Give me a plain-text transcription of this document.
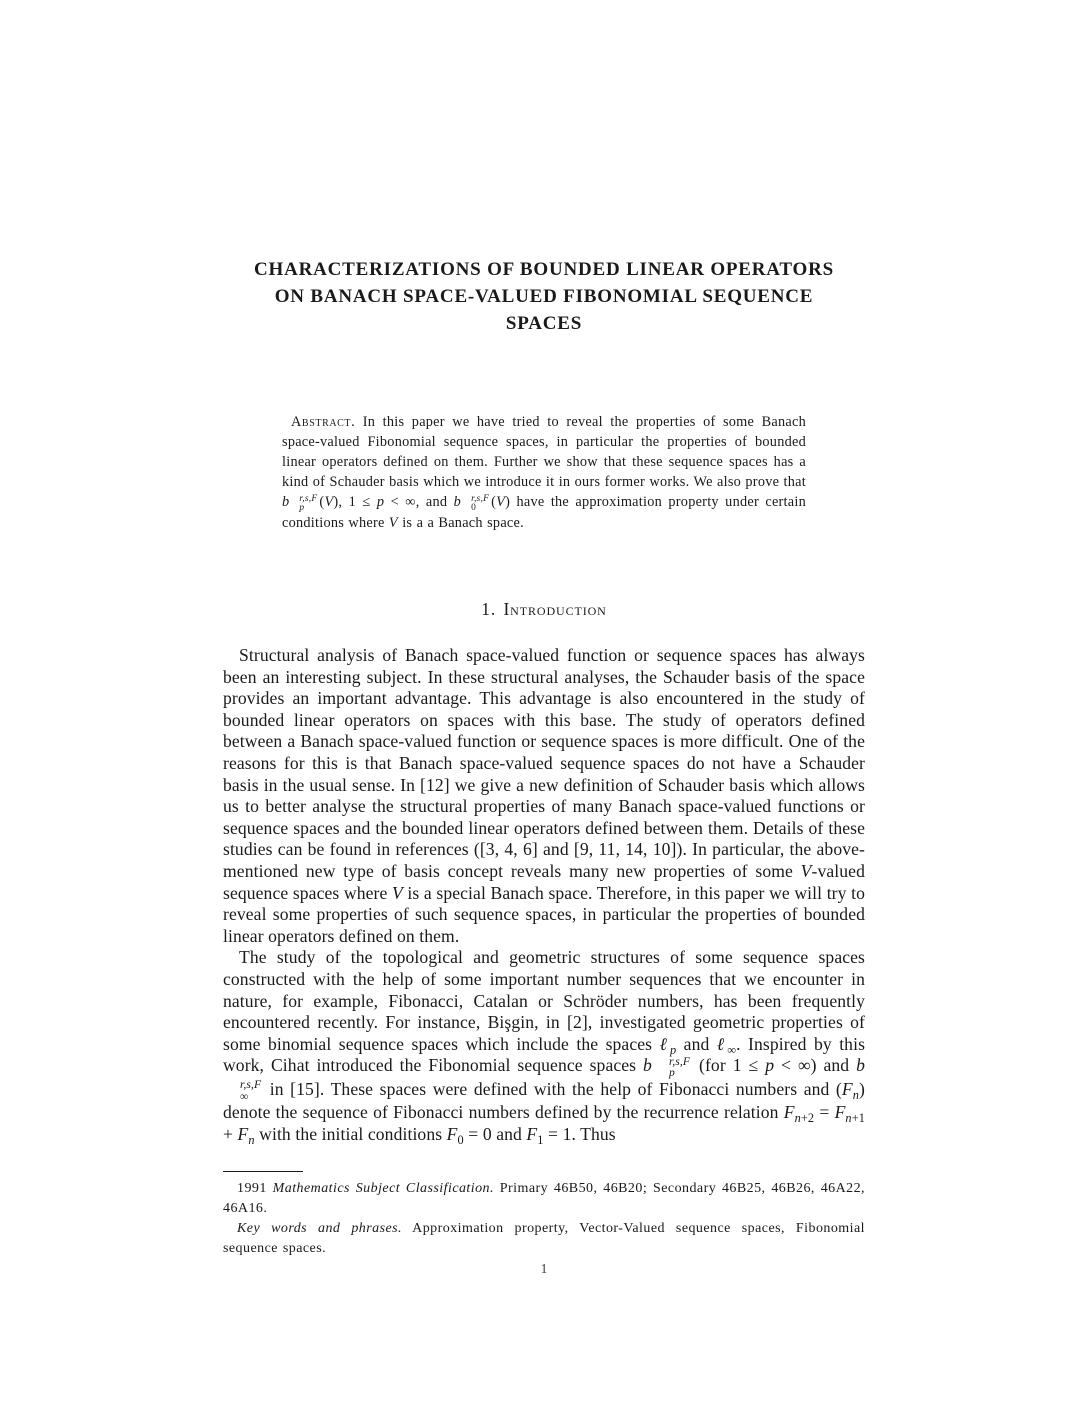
CHARACTERIZATIONS OF BOUNDED LINEAR OPERATORS
ON BANACH SPACE-VALUED FIBONOMIAL SEQUENCE
SPACES
Abstract. In this paper we have tried to reveal the properties of some Banach space-valued Fibonomial sequence spaces, in particular the properties of bounded linear operators defined on them. Further we show that these sequence spaces has a kind of Schauder basis which we introduce it in ours former works. We also prove that b	r,s,F
p	(V), 1 ≤ p < ∞, and b	r,s,F
0	(V) have the approximation property under certain conditions where V is a a Banach space.
1. Introduction

Structural analysis of Banach space-valued function or sequence spaces has always been an interesting subject. In these structural analyses, the Schauder basis of the space provides an important advantage. This advantage is also encountered in the study of bounded linear operators on spaces with this base. The study of operators defined between a Banach space-valued function or sequence spaces is more difficult. One of the reasons for this is that Banach space-valued sequence spaces do not have a Schauder basis in the usual sense. In [12] we give a new definition of Schauder basis which allows us to better analyse the structural properties of many Banach space-valued functions or sequence spaces and the bounded linear operators defined between them. Details of these studies can be found in references ([3, 4, 6] and [9, 11, 14, 10]). In particular, the above-mentioned new type of basis concept reveals many new properties of some V-valued sequence spaces where V is a special Banach space. Therefore, in this paper we will try to reveal some properties of such sequence spaces, in particular the properties of bounded linear operators defined on them.

The study of the topological and geometric structures of some sequence spaces constructed with the help of some important number sequences that we encounter in nature, for example, Fibonacci, Catalan or Schröder numbers, has been frequently encountered recently. For instance, Bişgin, in [2], investigated geometric properties of some binomial sequence spaces which include the spaces ℓ$_p$ and ℓ$_\infty$. Inspired by this work, Cihat introduced the Fibonomial sequence spaces b	r,s,F
p (for 1 ≤ p < ∞) and b
r,s,F
∞ in [15]. These spaces were defined with the help of Fibonacci numbers and $(F_n)$ denote the sequence of Fibonacci numbers defined by the recurrence relation $F_{n+2} = F_{n+1} + F_n$ with the initial conditions $F_0 = 0$ and $F_1 = 1$. Thus

1991 Mathematics Subject Classification. Primary 46B50, 46B20; Secondary 46B25, 46B26, 46A22, 46A16.

Key words and phrases. Approximation property, Vector-Valued sequence spaces, Fibonomial sequence spaces.

1
